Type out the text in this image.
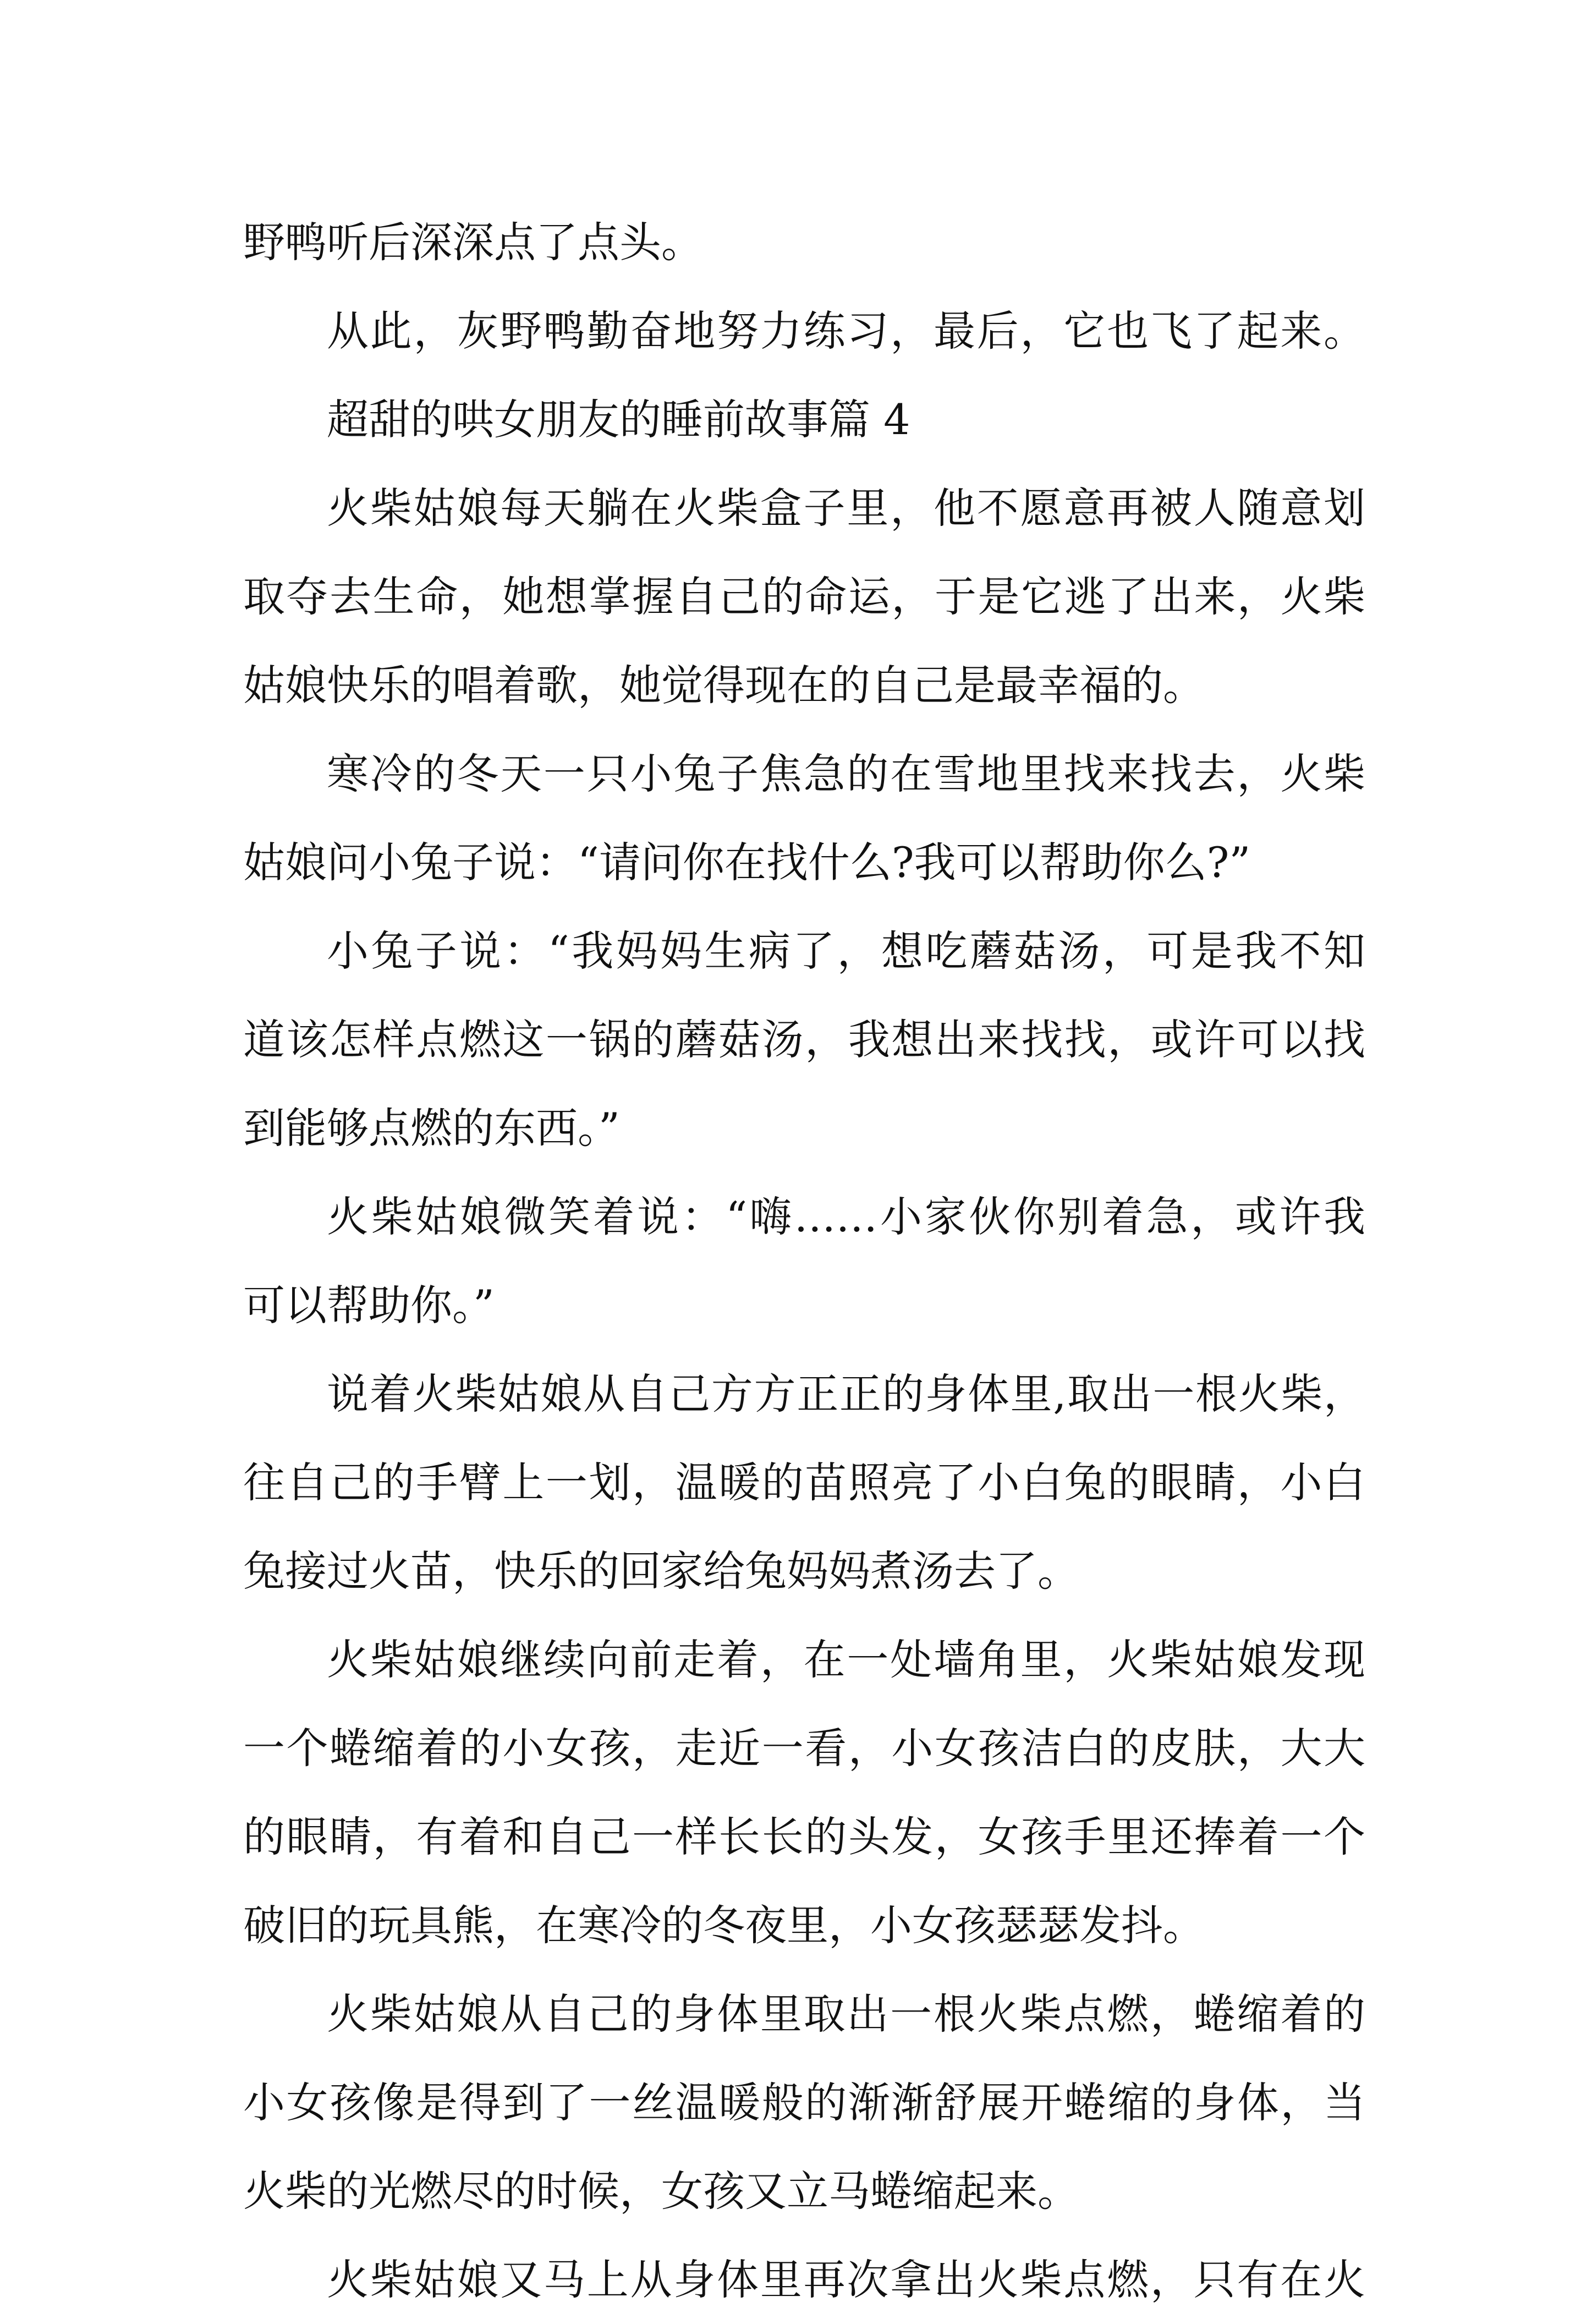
野鸭听后深深点了点头。
从此，灰野鸭勤奋地努力练习，最后，它也飞了起来。
超甜的哄女朋友的睡前故事篇 4
火柴姑娘每天躺在火柴盒子里，他不愿意再被人随意划
取夺去生命，她想掌握自己的命运，于是它逃了出来，火柴
姑娘快乐的唱着歌，她觉得现在的自己是最幸福的。
寒冷的冬天一只小兔子焦急的在雪地里找来找去，火柴
姑娘问小兔子说：“请问你在找什么?我可以帮助你么?”
小兔子说：“我妈妈生病了，想吃蘑菇汤，可是我不知
道该怎样点燃这一锅的蘑菇汤，我想出来找找，或许可以找
到能够点燃的东西。”
火柴姑娘微笑着说：“嗨……小家伙你别着急，或许我
可以帮助你。”
说着火柴姑娘从自己方方正正的身体里,取出一根火柴，
往自己的手臂上一划，温暖的苗照亮了小白兔的眼睛，小白
兔接过火苗，快乐的回家给兔妈妈煮汤去了。
火柴姑娘继续向前走着，在一处墙角里，火柴姑娘发现
一个蜷缩着的小女孩，走近一看，小女孩洁白的皮肤，大大
的眼睛，有着和自己一样长长的头发，女孩手里还捧着一个
破旧的玩具熊，在寒冷的冬夜里，小女孩瑟瑟发抖。
火柴姑娘从自己的身体里取出一根火柴点燃，蜷缩着的
小女孩像是得到了一丝温暖般的渐渐舒展开蜷缩的身体，当
火柴的光燃尽的时候，女孩又立马蜷缩起来。
火柴姑娘又马上从身体里再次拿出火柴点燃，只有在火
